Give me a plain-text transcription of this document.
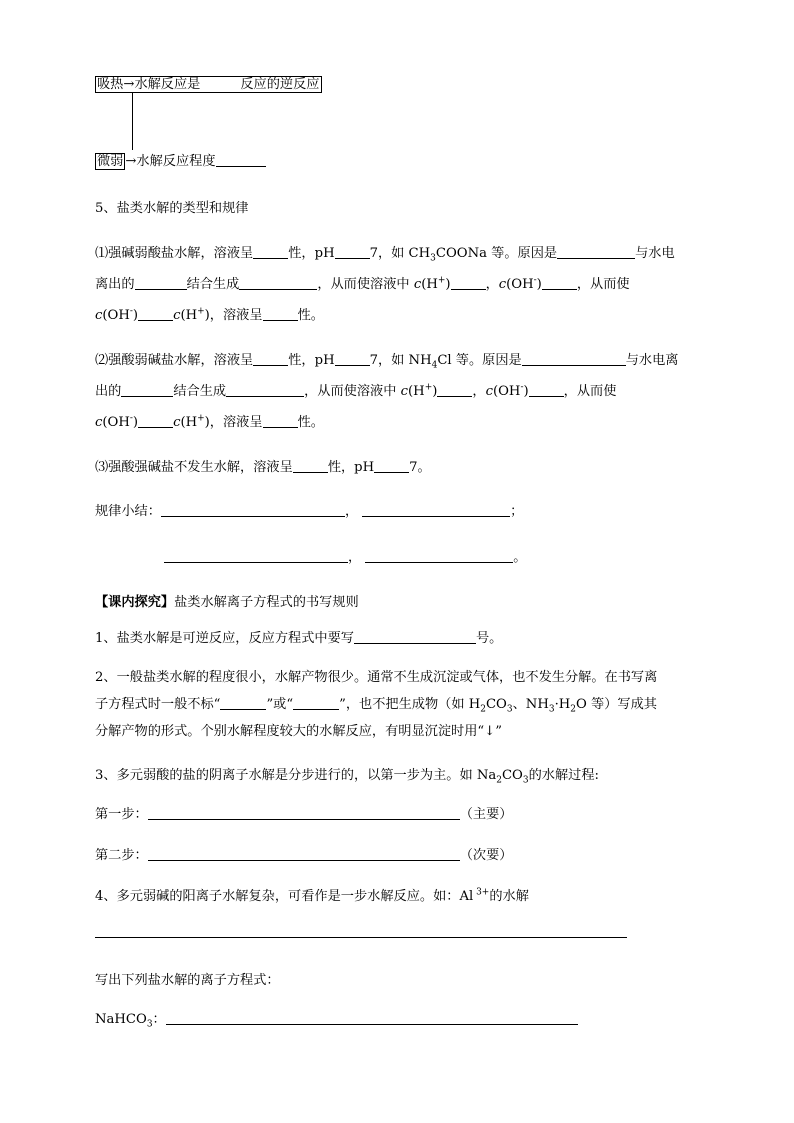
吸热→水解反应是	反应的逆反应
微弱 →水解反应程度
5、盐类水解的类型和规律
⑴强碱弱酸盐水解，溶液呈	性，pH	7，如 $CH_3COONa$ 等。原因是	与水电
离出的	结合生成	，从而使溶液中 c(H+)	，c(OH-)	，从而使
c(OH-)	c(H+)，溶液呈	性。
⑵强酸弱碱盐水解，溶液呈	性，pH	7，如 $NH_4Cl$ 等。原因是	与水电离
出的	结合生成	，从而使溶液中 c(H+)	，c(OH-)	，从而使
c(OH-)	c(H+)，溶液呈	性。
⑶强酸强碱盐不发生水解，溶液呈	性，pH	7。
规律小结：	，	；
，	。
【课内探究】盐类水解离子方程式的书写规则
1、盐类水解是可逆反应，反应方程式中要写	号。
2、一般盐类水解的程度很小，水解产物很少。通常不生成沉淀或气体，也不发生分解。在书写离
子方程式时一般不标“	”或“	”，也不把生成物（如 $H_2CO_3$、$NH_3\cdot H_2O$ 等）写成其
分解产物的形式。个别水解程度较大的水解反应，有明显沉淀时用“↓”
3、多元弱酸的盐的阴离子水解是分步进行的，以第一步为主。如 $Na_2CO_3$的水解过程:
第一步：	（主要）
第二步：	（次要）
4、多元弱碱的阳离子水解复杂，可看作是一步水解反应。如：Al $^{3+}$的水解
写出下列盐水解的离子方程式：
NaHCO$_3$：
